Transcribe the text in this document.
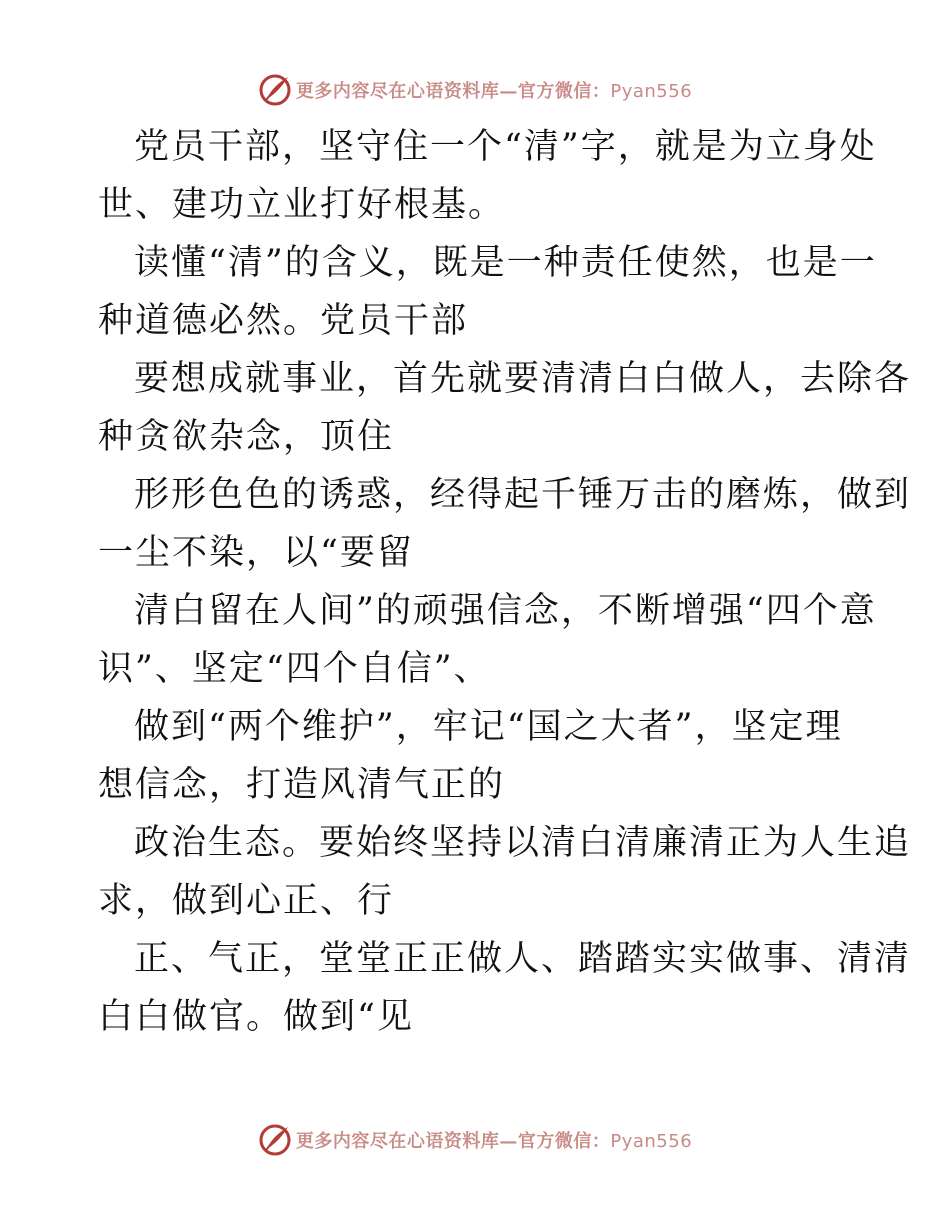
更多内容尽在心语资料库—官方微信：Pyan556

党员干部，坚守住一个“清”字，就是为立身处
世、建功立业打好根基。

读懂“清”的含义，既是一种责任使然，也是一
种道德必然。党员干部

要想成就事业，首先就要清清白白做人，去除各
种贪欲杂念，顶住

形形色色的诱惑，经得起千锤万击的磨炼，做到
一尘不染，以“要留

清白留在人间”的顽强信念，不断增强“四个意
识”、坚定“四个自信”、

做到“两个维护”，牢记“国之大者”，坚定理
想信念，打造风清气正的

政治生态。要始终坚持以清白清廉清正为人生追
求，做到心正、行

正、气正，堂堂正正做人、踏踏实实做事、清清
白白做官。做到“见

更多内容尽在心语资料库—官方微信：Pyan556
